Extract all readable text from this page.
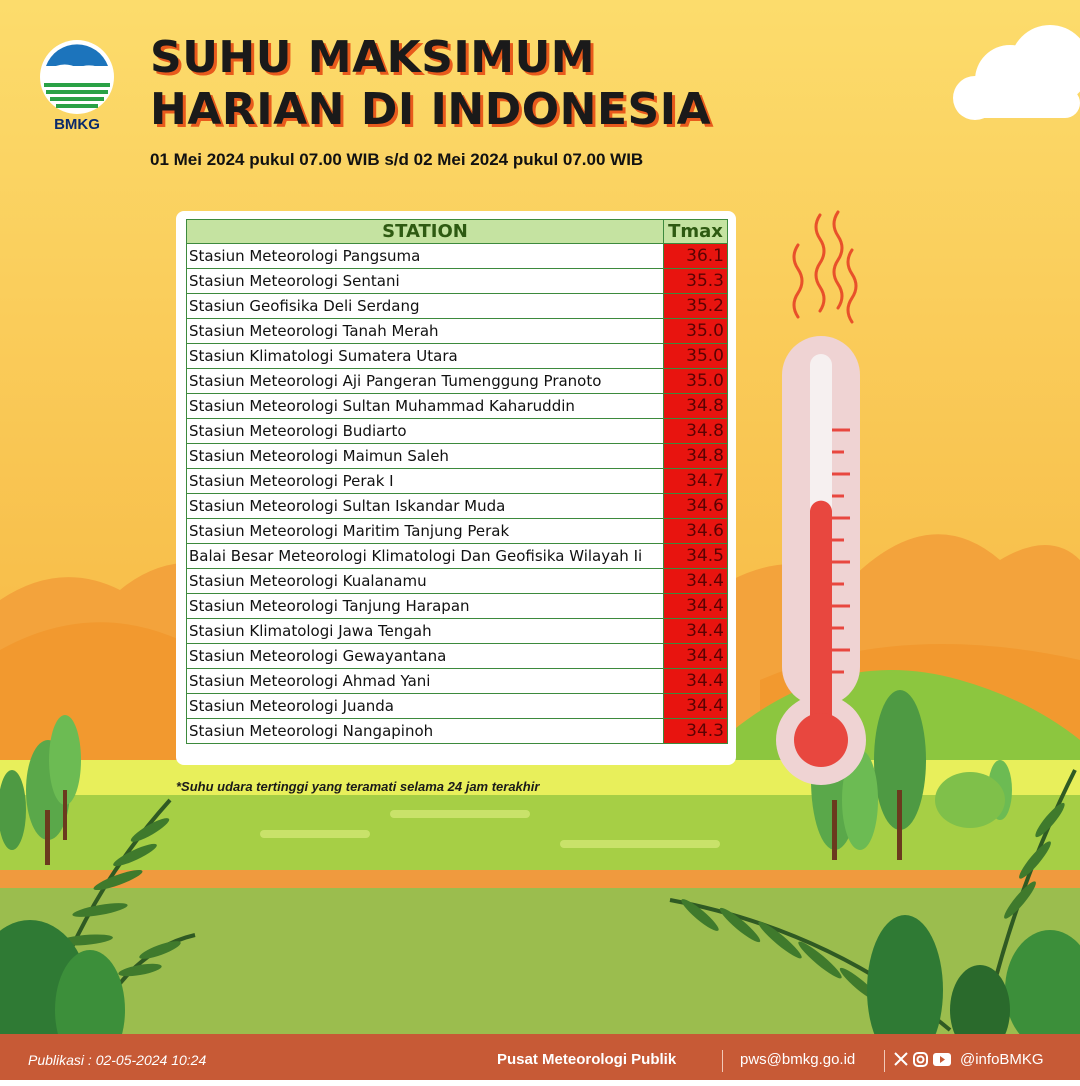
BMKG
SUHU MAKSIMUM
HARIAN DI INDONESIA
01 Mei 2024 pukul 07.00 WIB s/d 02 Mei 2024 pukul 07.00 WIB
STATION	Tmax
Stasiun Meteorologi Pangsuma	36.1
Stasiun Meteorologi Sentani	35.3
Stasiun Geofisika Deli Serdang	35.2
Stasiun Meteorologi Tanah Merah	35.0
Stasiun Klimatologi Sumatera Utara	35.0
Stasiun Meteorologi Aji Pangeran Tumenggung Pranoto	35.0
Stasiun Meteorologi Sultan Muhammad Kaharuddin	34.8
Stasiun Meteorologi Budiarto	34.8
Stasiun Meteorologi Maimun Saleh	34.8
Stasiun Meteorologi Perak I	34.7
Stasiun Meteorologi Sultan Iskandar Muda	34.6
Stasiun Meteorologi Maritim Tanjung Perak	34.6
Balai Besar Meteorologi Klimatologi Dan Geofisika Wilayah Ii	34.5
Stasiun Meteorologi Kualanamu	34.4
Stasiun Meteorologi Tanjung Harapan	34.4
Stasiun Klimatologi Jawa Tengah	34.4
Stasiun Meteorologi Gewayantana	34.4
Stasiun Meteorologi Ahmad Yani	34.4
Stasiun Meteorologi Juanda	34.4
Stasiun Meteorologi Nangapinoh	34.3
*Suhu udara tertinggi yang teramati selama 24 jam terakhir
Publikasi : 02-05-2024 10:24	Pusat Meteorologi Publik	pws@bmkg.go.id	@infoBMKG
